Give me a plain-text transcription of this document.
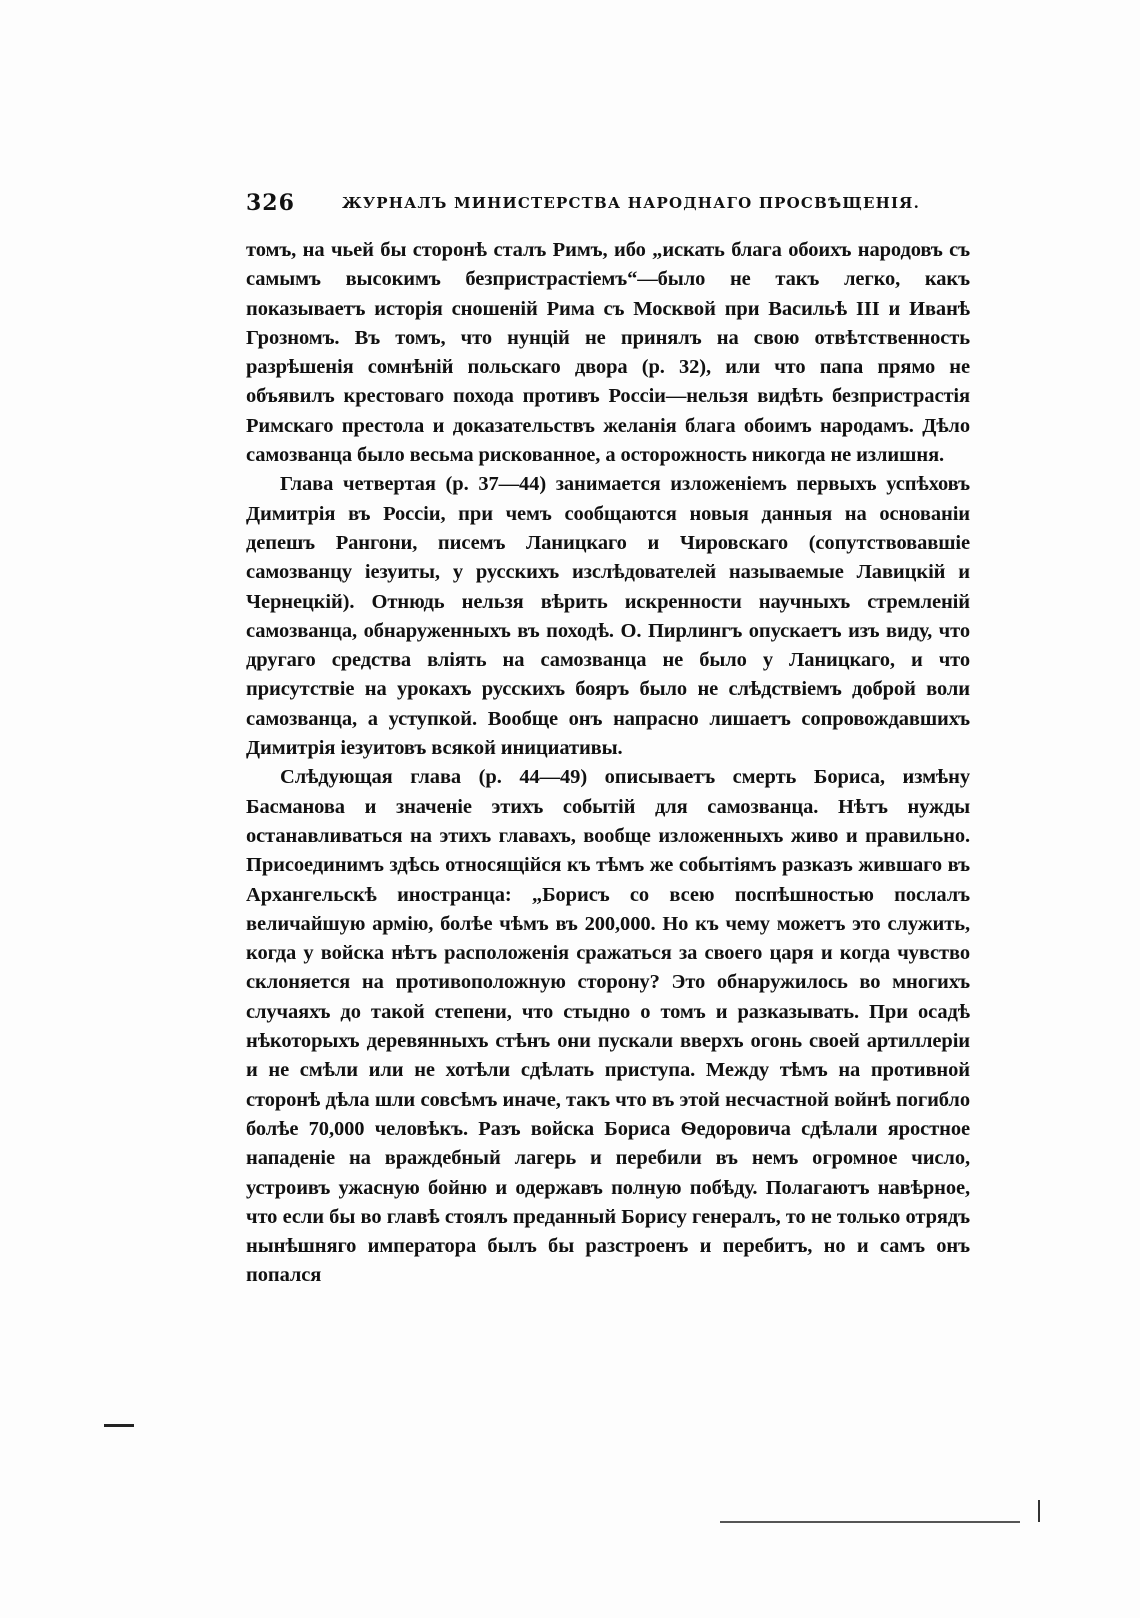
326	ЖУРНАЛЪ МИНИСТЕРСТВА НАРОДНАГО ПРОСВѢЩЕНІЯ.

томъ, на чьей бы сторонѣ сталъ Римъ, ибо „искать блага обоихъ народовъ съ самымъ высокимъ безпристрастіемъ“—было не такъ легко, какъ показываетъ исторія сношеній Рима съ Москвой при Васильѣ III и Иванѣ Грозномъ. Въ томъ, что нунцій не принялъ на свою отвѣтственность разрѣшенія сомнѣній польскаго двора (p. 32), или что папа прямо не объявилъ крестоваго похода противъ Россіи—нельзя видѣть безпристрастія Римскаго престола и доказательствъ желанія блага обоимъ народамъ. Дѣло самозванца было весьма рискованное, а осторожность никогда не излишня.

Глава четвертая (p. 37—44) занимается изложеніемъ первыхъ успѣховъ Димитрія въ Россіи, при чемъ сообщаются новыя данныя на основаніи депешъ Рангони, писемъ Ланицкаго и Чировскаго (сопутствовавшіе самозванцу іезуиты, у русскихъ изслѣдователей называемые Лавицкій и Чернецкій). Отнюдь нельзя вѣрить искренности научныхъ стремленій самозванца, обнаруженныхъ въ походѣ. О. Пирлингъ опускаетъ изъ виду, что другаго средства вліять на самозванца не было у Ланицкаго, и что присутствіе на урокахъ русскихъ бояръ было не слѣдствіемъ доброй воли самозванца, а уступкой. Вообще онъ напрасно лишаетъ сопровождавшихъ Димитрія іезуитовъ всякой инициативы.

Слѣдующая глава (p. 44—49) описываетъ смерть Бориса, измѣну Басманова и значеніе этихъ событій для самозванца. Нѣтъ нужды останавливаться на этихъ главахъ, вообще изложенныхъ живо и правильно. Присоединимъ здѣсь относящійся къ тѣмъ же событіямъ разказъ жившаго въ Архангельскѣ иностранца: „Борисъ со всею поспѣшностью послалъ величайшую армію, болѣе чѣмъ въ 200,000. Но къ чему можетъ это служить, когда у войска нѣтъ расположенія сражаться за своего царя и когда чувство склоняется на противоположную сторону? Это обнаружилось во многихъ случаяхъ до такой степени, что стыдно о томъ и разказывать. При осадѣ нѣкоторыхъ деревянныхъ стѣнъ они пускали вверхъ огонь своей артиллеріи и не смѣли или не хотѣли сдѣлать приступа. Между тѣмъ на противной сторонѣ дѣла шли совсѣмъ иначе, такъ что въ этой несчастной войнѣ погибло болѣе 70,000 человѣкъ. Разъ войска Бориса Ѳедоровича сдѣлали яростное нападеніе на враждебный лагерь и перебили въ немъ огромное число, устроивъ ужасную бойню и одержавъ полную побѣду. Полагаютъ навѣрное, что если бы во главѣ стоялъ преданный Борису генералъ, то не только отрядъ нынѣшняго императора былъ бы разстроенъ и перебитъ, но и самъ онъ попался
